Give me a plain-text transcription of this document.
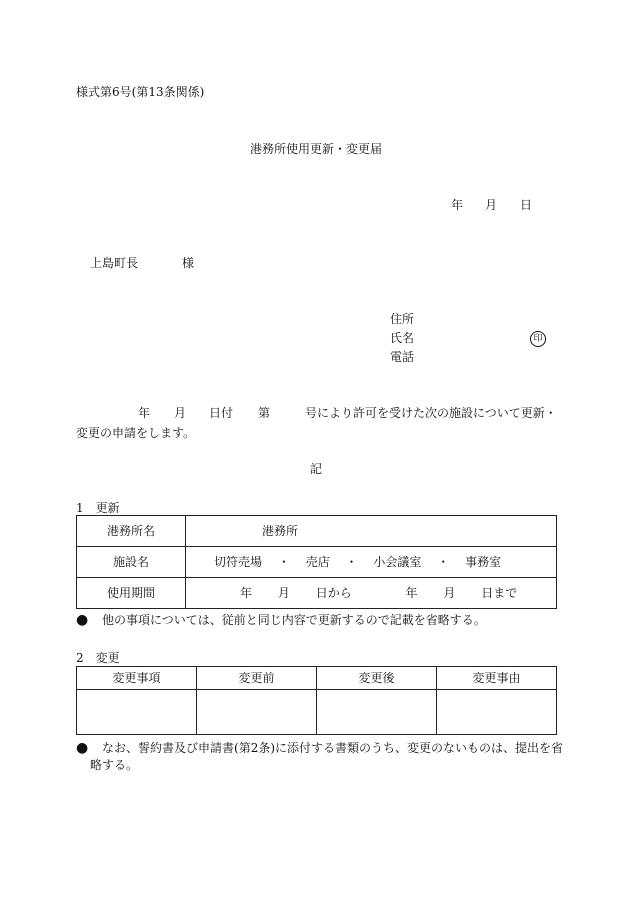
様式第6号(第13条関係)
港務所使用更新・変更届
年 月 日
上島町長	様
住所
氏名	印
電話
年 月 日付 第	号により許可を受けた次の施設について更新・
変更の申請をします。
記
1　更新
港務所名	港務所
施設名	切符売場 ・ 売店 ・ 小会議室 ・ 事務室
使用期間	年 月 日から 年 月 日まで
● 他の事項については、従前と同じ内容で更新するので記載を省略する。
2　変更
変更事項	変更前	変更後	変更事由

● なお、誓約書及び申請書(第2条)に添付する書類のうち、変更のないものは、提出を省
略する。
